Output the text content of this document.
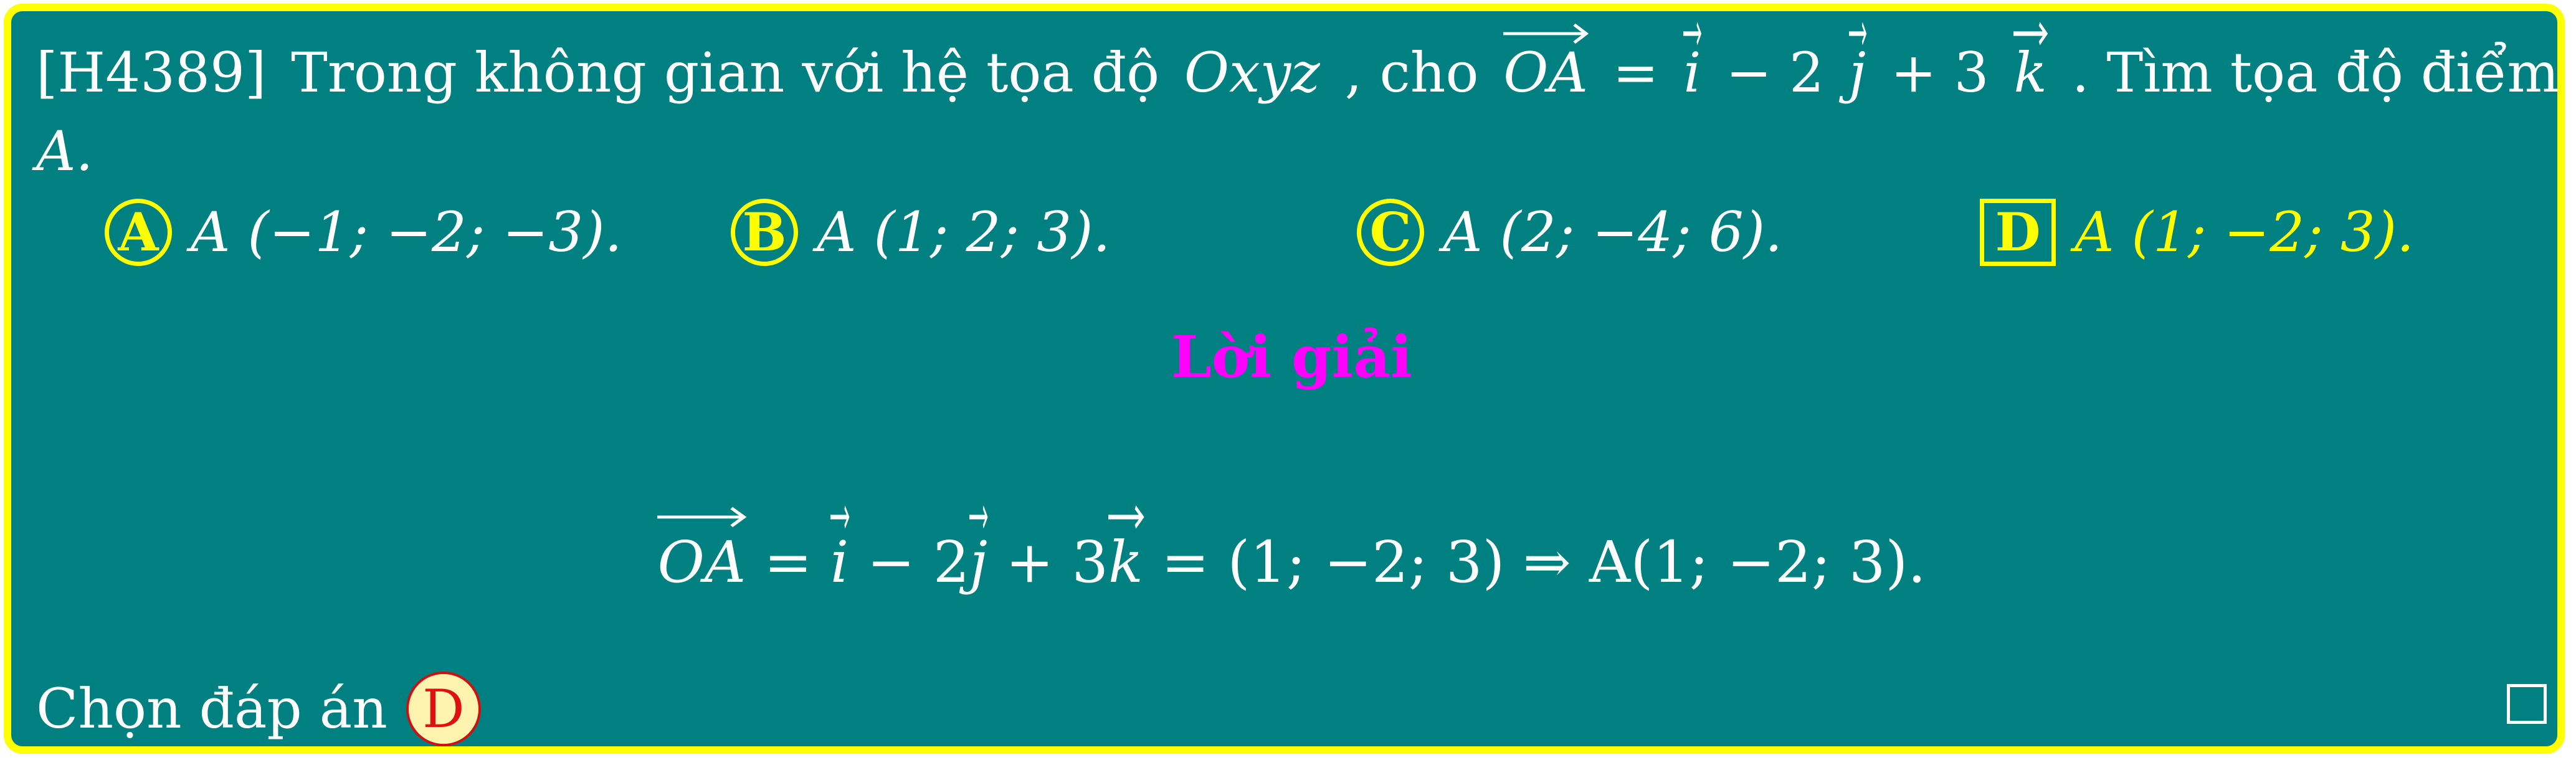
[H4389] Trong không gian với hệ tọa độ Oxyz , cho OA = i − 2 j + 3 k . Tìm tọa độ điểm
A.
A A (−1; −2; −3). B A (1; 2; 3).	C A (2; −4; 6).	D A (1; −2; 3).
Lời giải
OA =
i − 2
j + 3
k = (1; −2; 3) ⇒ A(1; −2; 3).
Chọn đáp án D
